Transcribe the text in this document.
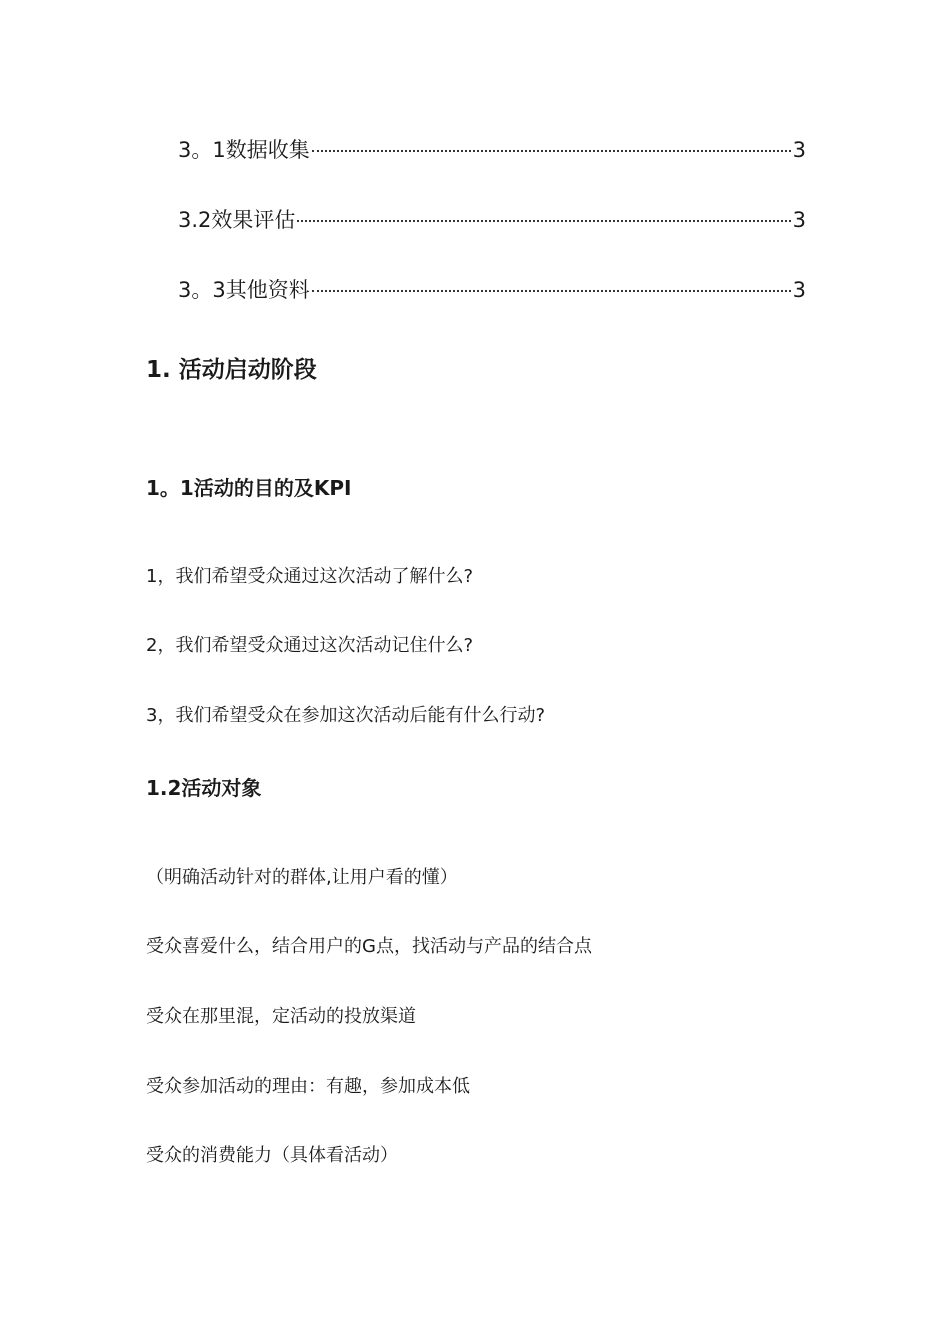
3。1数据收集	3
3.2效果评估	3
3。3其他资料	3
1. 活动启动阶段
1。1活动的目的及KPI
1，我们希望受众通过这次活动了解什么?
2，我们希望受众通过这次活动记住什么?
3，我们希望受众在参加这次活动后能有什么行动?
1.2活动对象
（明确活动针对的群体,让用户看的懂）
受众喜爱什么，结合用户的G点，找活动与产品的结合点
受众在那里混，定活动的投放渠道
受众参加活动的理由：有趣，参加成本低
受众的消费能力（具体看活动）
